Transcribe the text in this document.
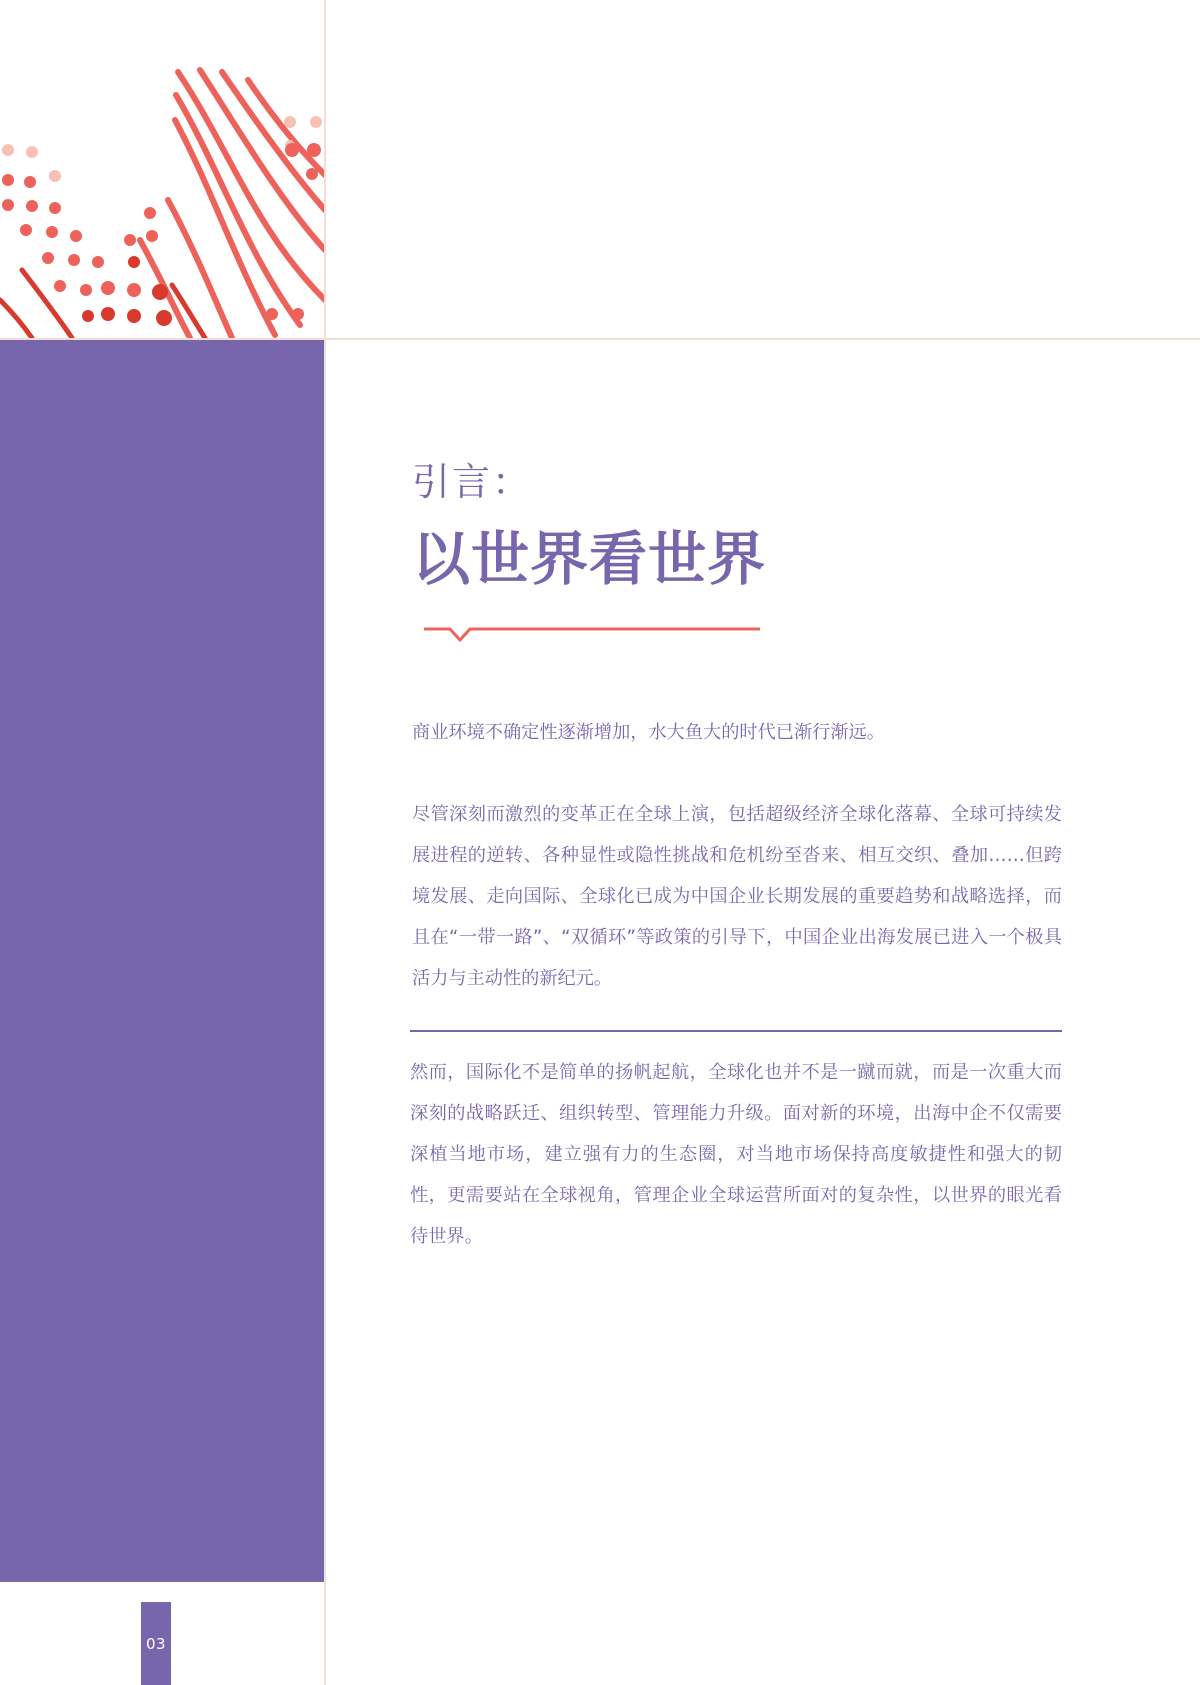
03

引言：

以世界看世界

商业环境不确定性逐渐增加，水大鱼大的时代已渐行渐远。

尽管深刻而激烈的变革正在全球上演，包括超级经济全球化落幕、全球可持续发展进程的逆转、各种显性或隐性挑战和危机纷至沓来、相互交织、叠加……但跨境发展、走向国际、全球化已成为中国企业长期发展的重要趋势和战略选择，而且在“一带一路”、“双循环”等政策的引导下，中国企业出海发展已进入一个极具活力与主动性的新纪元。

然而，国际化不是简单的扬帆起航，全球化也并不是一蹴而就，而是一次重大而深刻的战略跃迁、组织转型、管理能力升级。面对新的环境，出海中企不仅需要深植当地市场，建立强有力的生态圈，对当地市场保持高度敏捷性和强大的韧性，更需要站在全球视角，管理企业全球运营所面对的复杂性，以世界的眼光看待世界。
